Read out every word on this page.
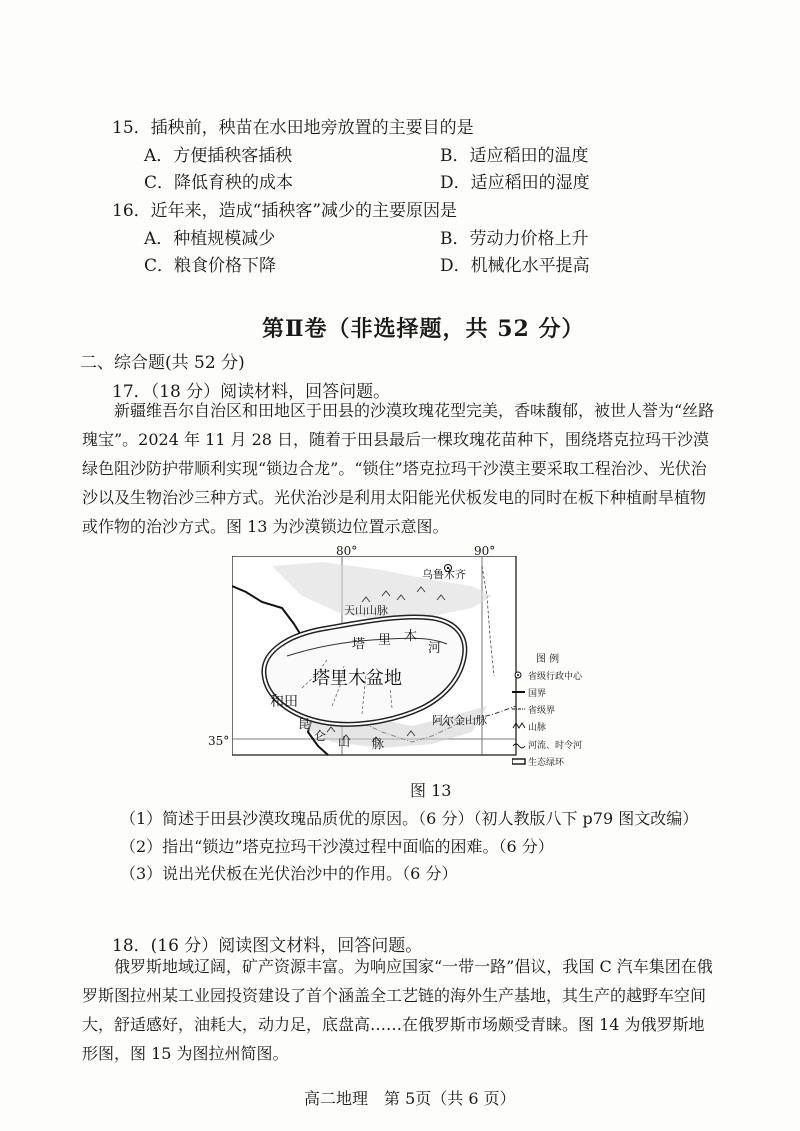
15．插秧前，秧苗在水田地旁放置的主要目的是
A．方便插秧客插秧	B．适应稻田的温度
C．降低育秧的成本	D．适应稻田的湿度
16．近年来，造成“插秧客”减少的主要原因是
A．种植规模减少	B．劳动力价格上升
C．粮食价格下降	D．机械化水平提高
第Ⅱ卷（非选择题，共 52 分）
二、综合题(共 52 分)
17．（18 分）阅读材料，回答问题。
新疆维吾尔自治区和田地区于田县的沙漠玫瑰花型完美，香味馥郁，被世人誉为“丝路瑰宝”。2024 年 11 月 28 日，随着于田县最后一棵玫瑰花苗种下，围绕塔克拉玛干沙漠绿色阻沙防护带顺利实现“锁边合龙”。“锁住”塔克拉玛干沙漠主要采取工程治沙、光伏治沙以及生物治沙三种方式。光伏治沙是利用太阳能光伏板发电的同时在板下种植耐旱植物或作物的治沙方式。图 13 为沙漠锁边位置示意图。
乌鲁木齐
天山山脉
塔 里 木
河
塔里木盆地
和 田
阿尔金山脉
昆
仑 山 脉
80°	90°
35°
图 例
省级行政中心
国界
省级界
山脉
河流、时令河
生态绿环
图 13
（1）简述于田县沙漠玫瑰品质优的原因。（6 分）（初人教版八下 p79 图文改编）
（2）指出“锁边”塔克拉玛干沙漠过程中面临的困难。（6 分）
（3）说出光伏板在光伏治沙中的作用。（6 分）
18．(16 分）阅读图文材料，回答问题。
俄罗斯地域辽阔，矿产资源丰富。为响应国家“一带一路”倡议，我国 C 汽车集团在俄罗斯图拉州某工业园投资建设了首个涵盖全工艺链的海外生产基地，其生产的越野车空间大，舒适感好，油耗大，动力足，底盘高……在俄罗斯市场颇受青睐。图 14 为俄罗斯地形图，图 15 为图拉州简图。
高二地理　第 5页（共 6 页）
